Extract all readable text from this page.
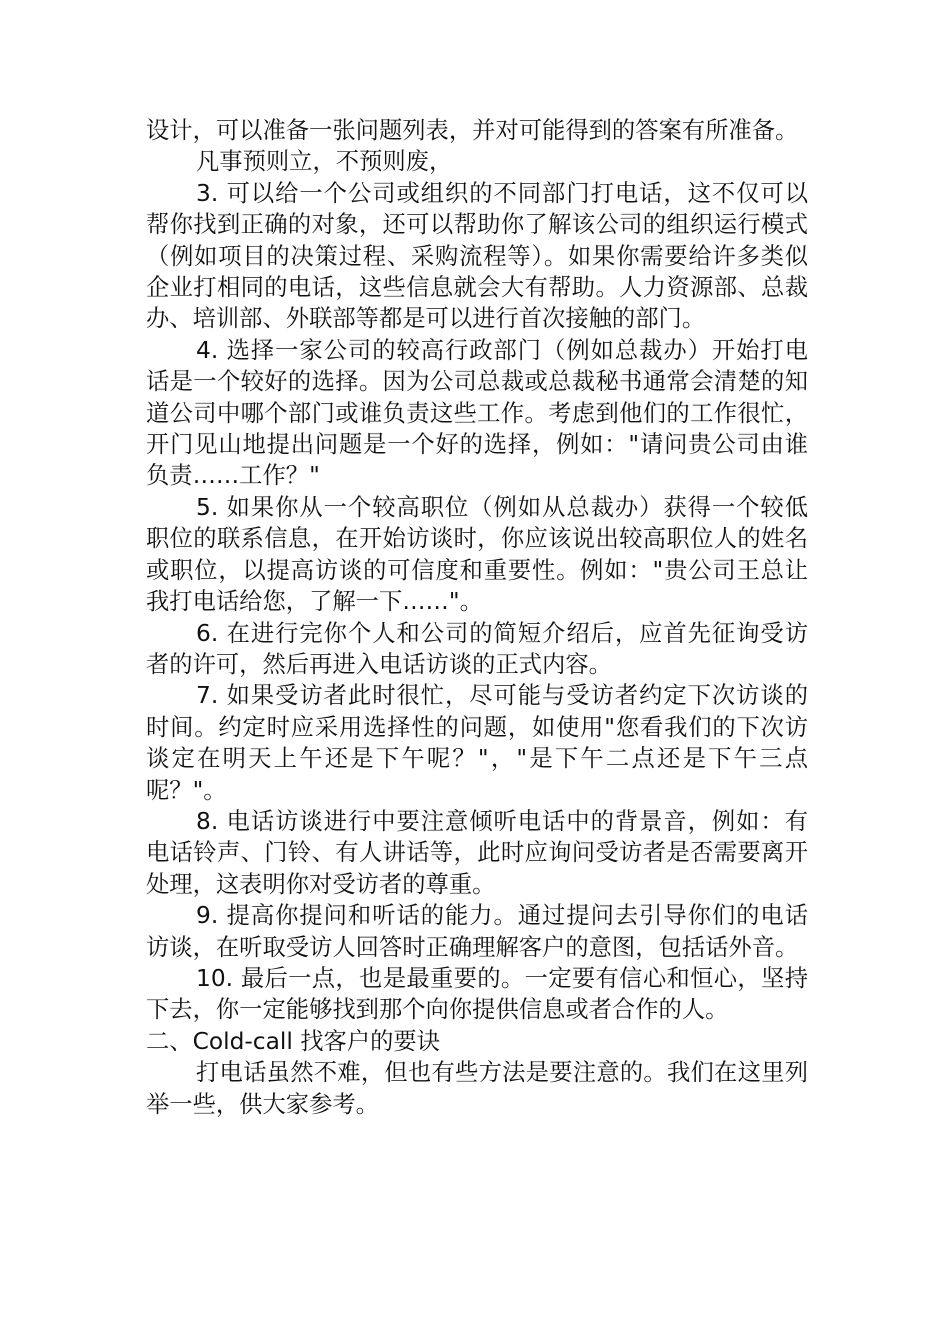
设计，可以准备一张问题列表，并对可能得到的答案有所准备。

凡事预则立，不预则废，

3. 可以给一个公司或组织的不同部门打电话，这不仅可以帮你找到正确的对象，还可以帮助你了解该公司的组织运行模式（例如项目的决策过程、采购流程等）。如果你需要给许多类似企业打相同的电话，这些信息就会大有帮助。人力资源部、总裁办、培训部、外联部等都是可以进行首次接触的部门。

4. 选择一家公司的较高行政部门（例如总裁办）开始打电话是一个较好的选择。因为公司总裁或总裁秘书通常会清楚的知道公司中哪个部门或谁负责这些工作。考虑到他们的工作很忙，开门见山地提出问题是一个好的选择，例如："请问贵公司由谁负责……工作？"

5. 如果你从一个较高职位（例如从总裁办）获得一个较低职位的联系信息，在开始访谈时，你应该说出较高职位人的姓名或职位，以提高访谈的可信度和重要性。例如："贵公司王总让我打电话给您，了解一下……"。

6. 在进行完你个人和公司的简短介绍后，应首先征询受访者的许可，然后再进入电话访谈的正式内容。

7. 如果受访者此时很忙，尽可能与受访者约定下次访谈的时间。约定时应采用选择性的问题，如使用"您看我们的下次访谈定在明天上午还是下午呢？"，"是下午二点还是下午三点呢？"。

8. 电话访谈进行中要注意倾听电话中的背景音，例如：有电话铃声、门铃、有人讲话等，此时应询问受访者是否需要离开处理，这表明你对受访者的尊重。

9. 提高你提问和听话的能力。通过提问去引导你们的电话访谈，在听取受访人回答时正确理解客户的意图，包括话外音。

10. 最后一点，也是最重要的。一定要有信心和恒心，坚持下去，你一定能够找到那个向你提供信息或者合作的人。

二、Cold-call 找客户的要诀

打电话虽然不难，但也有些方法是要注意的。我们在这里列举一些，供大家参考。
